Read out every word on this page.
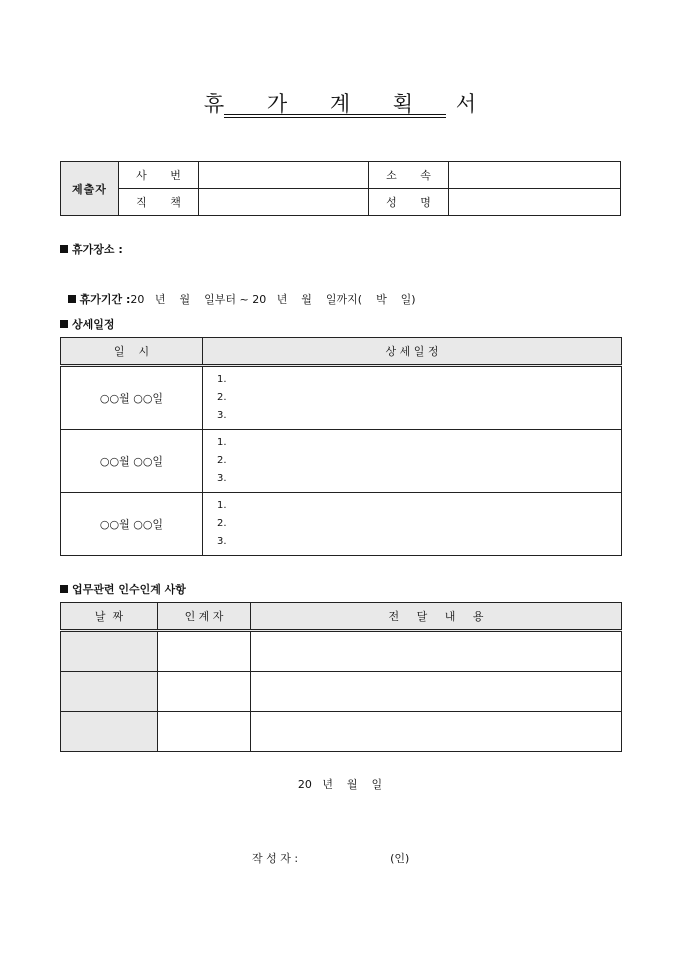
휴 가 계 획 서
제출자	사 번		소 속	
	직 책		성 명	
휴가장소 :

휴가기간 :20   년    월    일부터 ~ 20   년    월    일까지(    박    일)

상세일정
일    시	상 세 일 정
○○월 ○○일	1.
2.
3.

○○월 ○○일	1.
2.
3.

○○월 ○○일	1.
2.
3.
업무관련 인수인계 사항
날  짜	인 계 자	전     달     내     용

20   년    월    일
작 성 자 :	(인)
